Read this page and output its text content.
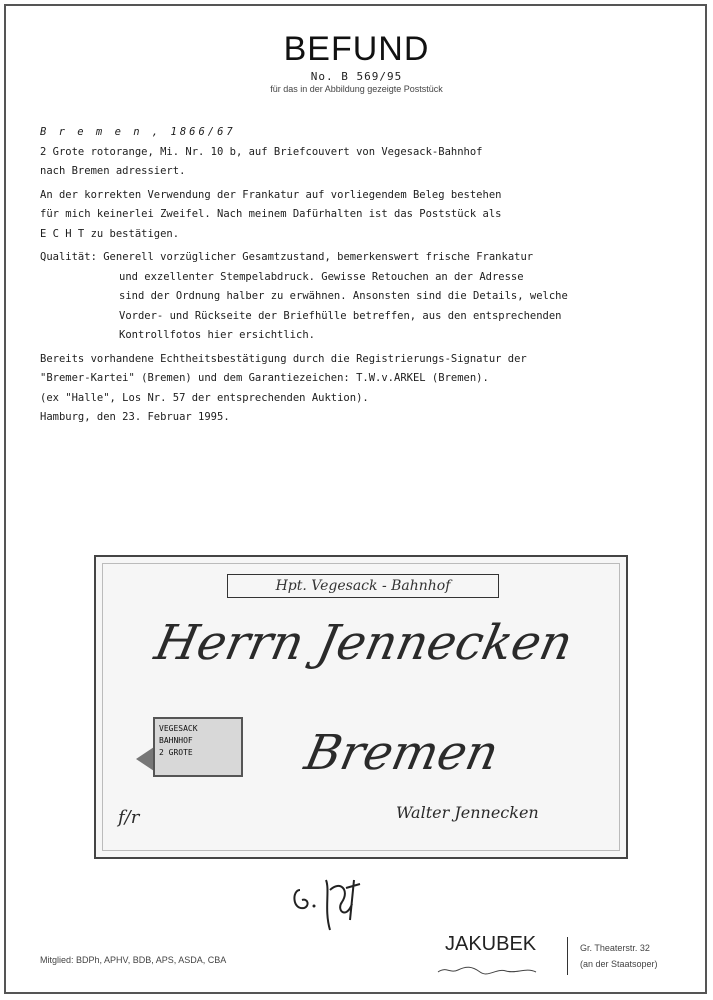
BEFUND
No. B 569/95
für das in der Abbildung gezeigte Poststück

B r e m e n , 1866/67

2 Grote rotorange, Mi. Nr. 10 b, auf Briefcouvert von Vegesack-Bahnhof

nach Bremen adressiert.

An der korrekten Verwendung der Frankatur auf vorliegendem Beleg bestehen

für mich keinerlei Zweifel. Nach meinem Dafürhalten ist das Poststück als

E C H T zu bestätigen.

Qualität: Generell vorzüglicher Gesamtzustand, bemerkenswert frische Frankatur

und exzellenter Stempelabdruck. Gewisse Retouchen an der Adresse

sind der Ordnung halber zu erwähnen. Ansonsten sind die Details, welche

Vorder- und Rückseite der Briefhülle betreffen, aus den entsprechenden

Kontrollfotos hier ersichtlich.

Bereits vorhandene Echtheitsbestätigung durch die Registrierungs-Signatur der

"Bremer-Kartei" (Bremen) und dem Garantiezeichen: T.W.v.ARKEL (Bremen).

(ex "Halle", Los Nr. 57 der entsprechenden Auktion).

Hamburg, den 23. Februar 1995.

Hpt. Vegesack - Bahnhof
Herrn Jennecken
VEGESACK
BAHNHOF
2 GROTE	Bremen
Walter Jennecken
f/r
Mitglied: BDPh, APHV, BDB, APS, ASDA, CBA
JAKUBEK	Gr. Theaterstr. 32
(an der Staatsoper)
